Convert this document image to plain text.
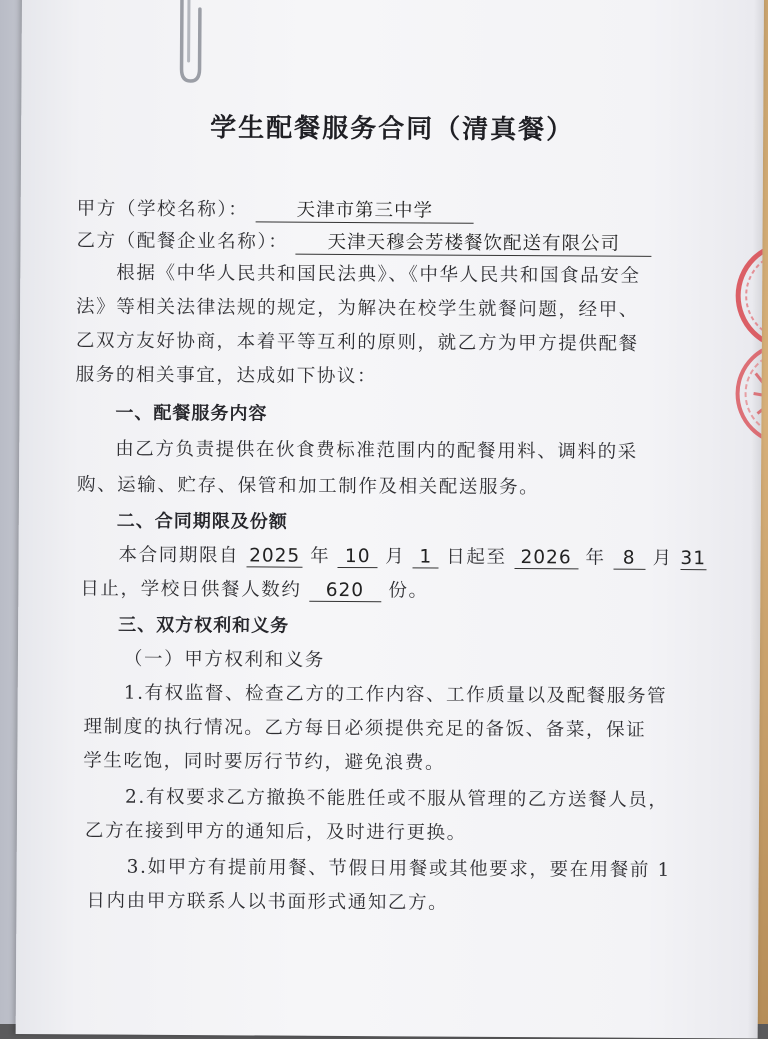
学生配餐服务合同（清真餐）
甲方（学校名称）：	天津市第三中学
乙方（配餐企业名称）： 天津天穆会芳楼餐饮配送有限公司
根据《中华人民共和国民法典》、《中华人民共和国食品安全
法》等相关法律法规的规定，为解决在校学生就餐问题，经甲、
乙双方友好协商，本着平等互利的原则，就乙方为甲方提供配餐
服务的相关事宜，达成如下协议：
一、配餐服务内容
由乙方负责提供在伙食费标准范围内的配餐用料、调料的采
购、运输、贮存、保管和加工制作及相关配送服务。
二、合同期限及份额
本合同期限自 2025 年 10 月 1 日起至 2026 年 8 月 31
日止，学校日供餐人数约 620 份。
三、双方权利和义务
（一）甲方权利和义务
1.有权监督、检查乙方的工作内容、工作质量以及配餐服务管
理制度的执行情况。乙方每日必须提供充足的备饭、备菜，保证
学生吃饱，同时要厉行节约，避免浪费。
2.有权要求乙方撤换不能胜任或不服从管理的乙方送餐人员，
乙方在接到甲方的通知后，及时进行更换。
3.如甲方有提前用餐、节假日用餐或其他要求，要在用餐前 1
日内由甲方联系人以书面形式通知乙方。
